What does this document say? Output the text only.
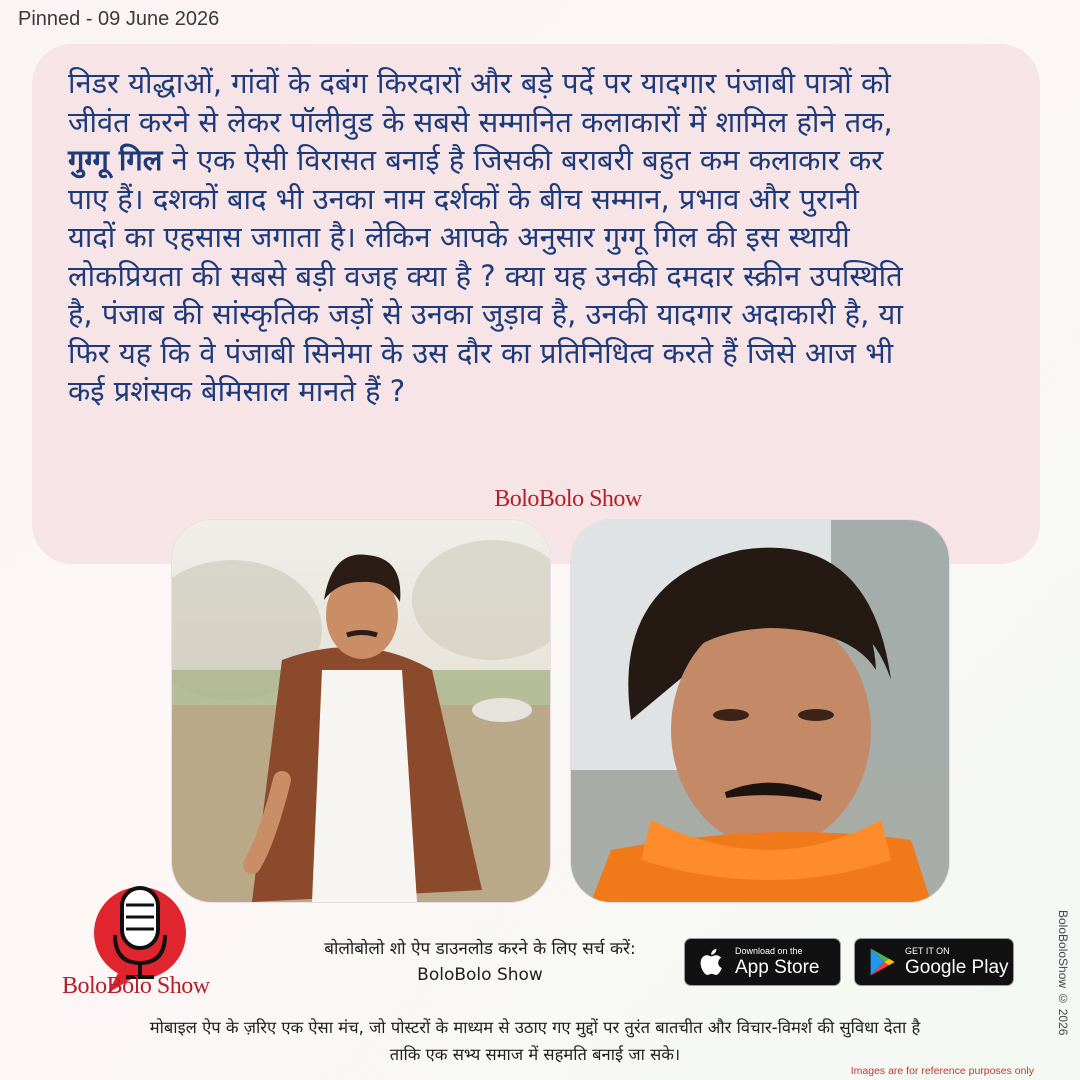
Pinned - 09 June 2026
निडर योद्धाओं, गांवों के दबंग किरदारों और बड़े पर्दे पर यादगार पंजाबी पात्रों को
जीवंत करने से लेकर पॉलीवुड के सबसे सम्मानित कलाकारों में शामिल होने तक,
गुग्गू गिल ने एक ऐसी विरासत बनाई है जिसकी बराबरी बहुत कम कलाकार कर
पाए हैं। दशकों बाद भी उनका नाम दर्शकों के बीच सम्मान, प्रभाव और पुरानी
यादों का एहसास जगाता है। लेकिन आपके अनुसार गुग्गू गिल की इस स्थायी
लोकप्रियता की सबसे बड़ी वजह क्या है ? क्या यह उनकी दमदार स्क्रीन उपस्थिति
है, पंजाब की सांस्कृतिक जड़ों से उनका जुड़ाव है, उनकी यादगार अदाकारी है, या
फिर यह कि वे पंजाबी सिनेमा के उस दौर का प्रतिनिधित्व करते हैं जिसे आज भी
कई प्रशंसक बेमिसाल मानते हैं ?
BoloBolo Show
BoloBolo Show
बोलोबोलो शो ऐप डाउनलोड करने के लिए सर्च करें:
BoloBolo Show
Download on the
App Store
GET IT ON
Google Play
मोबाइल ऐप के ज़रिए एक ऐसा मंच, जो पोस्टरों के माध्यम से उठाए गए मुद्दों पर तुरंत बातचीत और विचार-विमर्श की सुविधा देता है
ताकि एक सभ्य समाज में सहमति बनाई जा सके।
BoloBoloShow © 2026
Images are for reference purposes only
